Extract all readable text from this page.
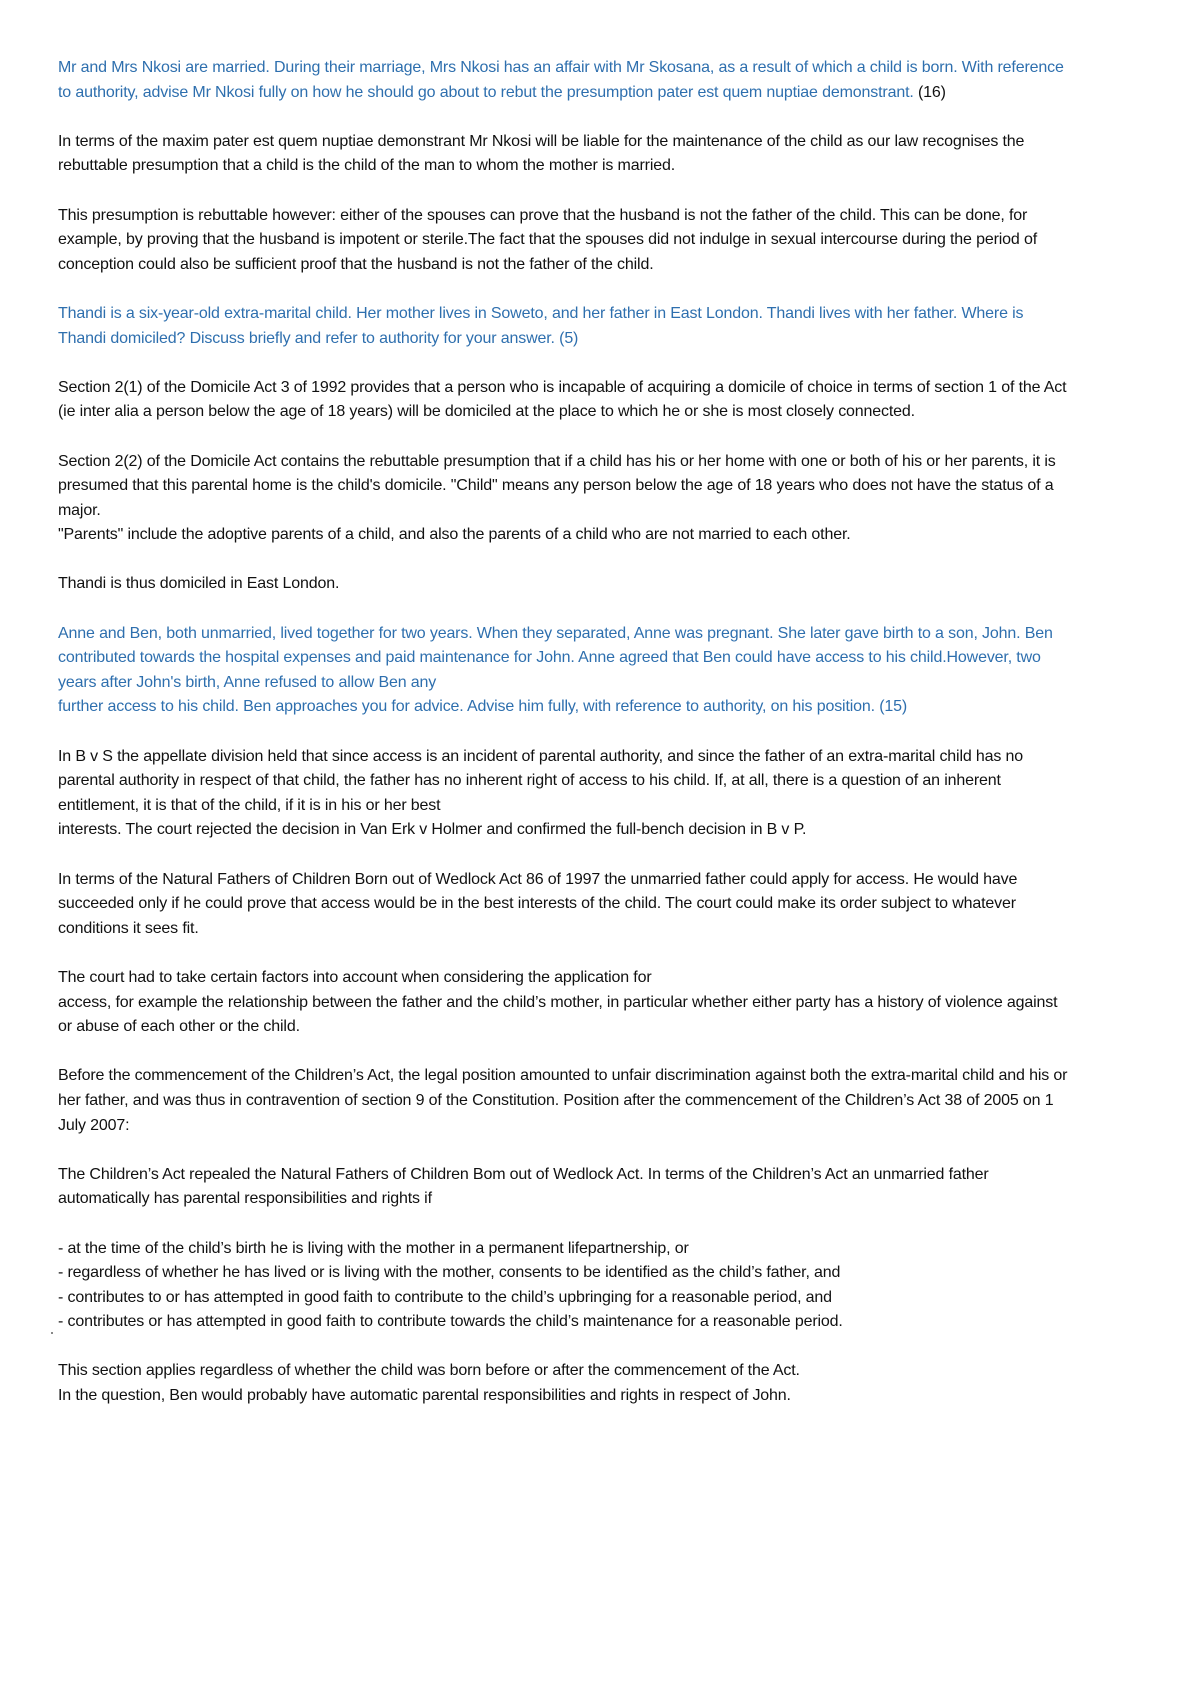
Mr and Mrs Nkosi are married. During their marriage, Mrs Nkosi has an affair with Mr Skosana, as a result of which a child is born. With reference to authority, advise Mr Nkosi fully on how he should go about to rebut the presumption pater est quem nuptiae demonstrant. (16)

In terms of the maxim pater est quem nuptiae demonstrant Mr Nkosi will be liable for the maintenance of the child as our law recognises the rebuttable presumption that a child is the child of the man to whom the mother is married.

This presumption is rebuttable however: either of the spouses can prove that the husband is not the father of the child. This can be done, for example, by proving that the husband is impotent or sterile.The fact that the spouses did not indulge in sexual intercourse during the period of conception could also be sufficient proof that the husband is not the father of the child.

Thandi is a six-year-old extra-marital child. Her mother lives in Soweto, and her father in East London. Thandi lives with her father. Where is Thandi domiciled? Discuss briefly and refer to authority for your answer. (5)

Section 2(1) of the Domicile Act 3 of 1992 provides that a person who is incapable of acquiring a domicile of choice in terms of section 1 of the Act (ie inter alia a person below the age of 18 years) will be domiciled at the place to which he or she is most closely connected.

Section 2(2) of the Domicile Act contains the rebuttable presumption that if a child has his or her home with one or both of his or her parents, it is presumed that this parental home is the child's domicile. "Child" means any person below the age of 18 years who does not have the status of a major.

"Parents" include the adoptive parents of a child, and also the parents of a child who are not married to each other.

Thandi is thus domiciled in East London.

Anne and Ben, both unmarried, lived together for two years. When they separated, Anne was pregnant. She later gave birth to a son, John. Ben contributed towards the hospital expenses and paid maintenance for John. Anne agreed that Ben could have access to his child.However, two years after John's birth, Anne refused to allow Ben any

further access to his child. Ben approaches you for advice. Advise him fully, with reference to authority, on his position. (15)

In B v S the appellate division held that since access is an incident of parental authority, and since the father of an extra-marital child has no parental authority in respect of that child, the father has no inherent right of access to his child. If, at all, there is a question of an inherent entitlement, it is that of the child, if it is in his or her best

interests. The court rejected the decision in Van Erk v Holmer and confirmed the full-bench decision in B v P.

In terms of the Natural Fathers of Children Born out of Wedlock Act 86 of 1997 the unmarried father could apply for access. He would have succeeded only if he could prove that access would be in the best interests of the child. The court could make its order subject to whatever conditions it sees fit.

The court had to take certain factors into account when considering the application for

access, for example the relationship between the father and the child’s mother, in particular whether either party has a history of violence against or abuse of each other or the child.

Before the commencement of the Children’s Act, the legal position amounted to unfair discrimination against both the extra-marital child and his or her father, and was thus in contravention of section 9 of the Constitution. Position after the commencement of the Children’s Act 38 of 2005 on 1 July 2007:

The Children’s Act repealed the Natural Fathers of Children Bom out of Wedlock Act. In terms of the Children’s Act an unmarried father automatically has parental responsibilities and rights if

- at the time of the child’s birth he is living with the mother in a permanent lifepartnership, or
- regardless of whether he has lived or is living with the mother, consents to be identified as the child’s father, and
- contributes to or has attempted in good faith to contribute to the child’s upbringing for a reasonable period, and
- contributes or has attempted in good faith to contribute towards the child’s maintenance for a reasonable period.

This section applies regardless of whether the child was born before or after the commencement of the Act.

In the question, Ben would probably have automatic parental responsibilities and rights in respect of John.
